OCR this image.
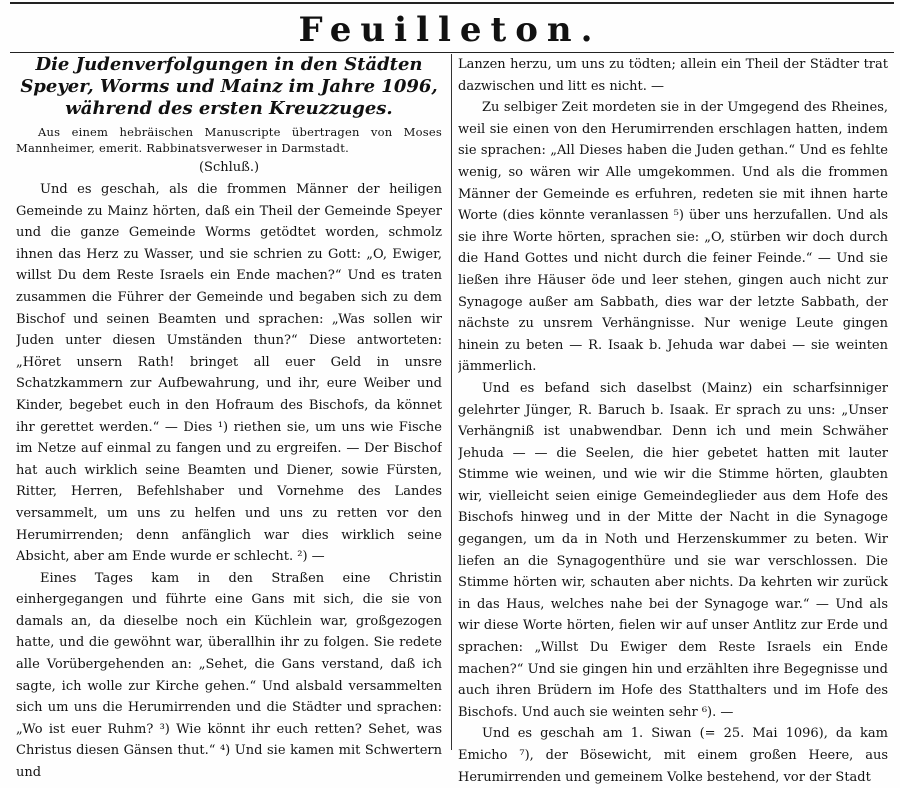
Feuilleton.
Die Judenverfolgungen in den Städten Speyer, Worms und Mainz im Jahre 1096, während des ersten Kreuzzuges.

Aus einem hebräischen Manuscripte übertragen von Moses Mannheimer, emerit. Rabbinatsverweser in Darmstadt.

(Schluß.)

Und es geschah, als die frommen Männer der heiligen Gemeinde zu Mainz hörten, daß ein Theil der Gemeinde Speyer und die ganze Gemeinde Worms getödtet worden, schmolz ihnen das Herz zu Wasser, und sie schrien zu Gott: „O, Ewiger, willst Du dem Reste Israels ein Ende machen?“ Und es traten zusammen die Führer der Gemeinde und begaben sich zu dem Bischof und seinen Beamten und sprachen: „Was sollen wir Juden unter diesen Umständen thun?“ Diese antworteten: „Höret unsern Rath! bringet all euer Geld in unsre Schatzkammern zur Aufbewahrung, und ihr, eure Weiber und Kinder, begebet euch in den Hofraum des Bischofs, da könnet ihr gerettet werden.“ — Dies ¹) riethen sie, um uns wie Fische im Netze auf einmal zu fangen und zu ergreifen. — Der Bischof hat auch wirklich seine Beamten und Diener, sowie Fürsten, Ritter, Herren, Befehlshaber und Vornehme des Landes versammelt, um uns zu helfen und uns zu retten vor den Herumirrenden; denn anfänglich war dies wirklich seine Absicht, aber am Ende wurde er schlecht. ²) —

Eines Tages kam in den Straßen eine Christin einhergegangen und führte eine Gans mit sich, die sie von damals an, da dieselbe noch ein Küchlein war, großgezogen hatte, und die gewöhnt war, überallhin ihr zu folgen. Sie redete alle Vorübergehenden an: „Sehet, die Gans verstand, daß ich sagte, ich wolle zur Kirche gehen.“ Und alsbald versammelten sich um uns die Herumirrenden und die Städter und sprachen: „Wo ist euer Ruhm? ³) Wie könnt ihr euch retten? Sehet, was Christus diesen Gänsen thut.“ ⁴) Und sie kamen mit Schwertern und

Lanzen herzu, um uns zu tödten; allein ein Theil der Städter trat dazwischen und litt es nicht. —

Zu selbiger Zeit mordeten sie in der Umgegend des Rheines, weil sie einen von den Herumirrenden erschlagen hatten, indem sie sprachen: „All Dieses haben die Juden gethan.“ Und es fehlte wenig, so wären wir Alle umgekommen. Und als die frommen Männer der Gemeinde es erfuhren, redeten sie mit ihnen harte Worte (dies könnte veranlassen ⁵) über uns herzufallen. Und als sie ihre Worte hörten, sprachen sie: „O, stürben wir doch durch die Hand Gottes und nicht durch die feiner Feinde.“ — Und sie ließen ihre Häuser öde und leer stehen, gingen auch nicht zur Synagoge außer am Sabbath, dies war der letzte Sabbath, der nächste zu unsrem Verhängnisse. Nur wenige Leute gingen hinein zu beten — R. Isaak b. Jehuda war dabei — sie weinten jämmerlich.

Und es befand sich daselbst (Mainz) ein scharfsinniger gelehrter Jünger, R. Baruch b. Isaak. Er sprach zu uns: „Unser Verhängniß ist unabwendbar. Denn ich und mein Schwäher Jehuda — — die Seelen, die hier gebetet hatten mit lauter Stimme wie weinen, und wie wir die Stimme hörten, glaubten wir, vielleicht seien einige Gemeindeglieder aus dem Hofe des Bischofs hinweg und in der Mitte der Nacht in die Synagoge gegangen, um da in Noth und Herzenskummer zu beten. Wir liefen an die Synagogenthüre und sie war verschlossen. Die Stimme hörten wir, schauten aber nichts. Da kehrten wir zurück in das Haus, welches nahe bei der Synagoge war.“ — Und als wir diese Worte hörten, fielen wir auf unser Antlitz zur Erde und sprachen: „Willst Du Ewiger dem Reste Israels ein Ende machen?“ Und sie gingen hin und erzählten ihre Begegnisse und auch ihren Brüdern im Hofe des Statthalters und im Hofe des Bischofs. Und auch sie weinten sehr ⁶). —

Und es geschah am 1. Siwan (= 25. Mai 1096), da kam Emicho ⁷), der Bösewicht, mit einem großen Heere, aus Herumirrenden und gemeinem Volke bestehend, vor der Stadt
